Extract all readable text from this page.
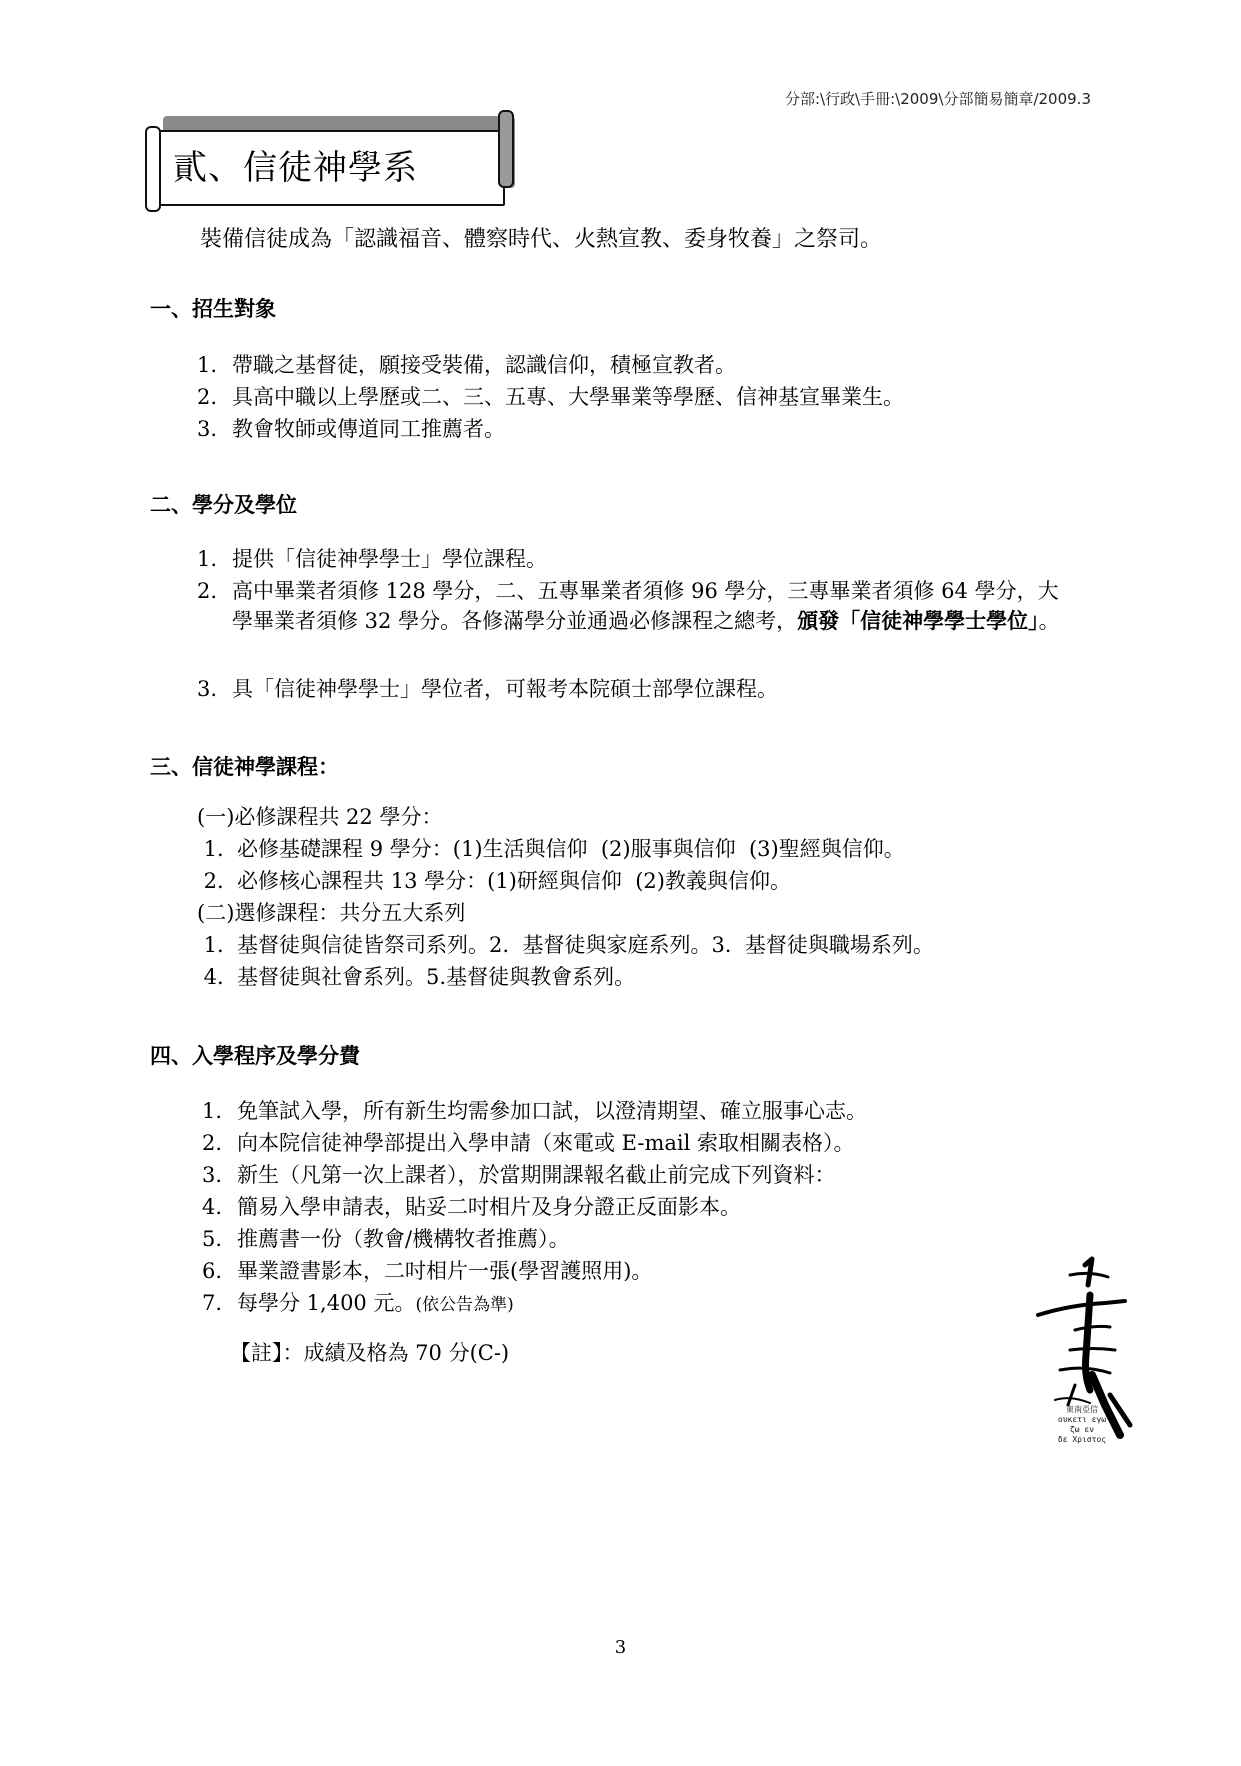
分部:\行政\手冊:\2009\分部簡易簡章/2009.3
貳、信徒神學系
裝備信徒成為「認識福音、體察時代、火熱宣教、委身牧養」之祭司。
一、招生對象
1. 帶職之基督徒，願接受裝備，認識信仰，積極宣教者。
2. 具高中職以上學歷或二、三、五專、大學畢業等學歷、信神基宣畢業生。
3. 教會牧師或傳道同工推薦者。
二、學分及學位
1. 提供「信徒神學學士」學位課程。
2. 高中畢業者須修 128 學分，二、五專畢業者須修 96 學分，三專畢業者須修 64 學分，大學畢業者須修 32 學分。各修滿學分並通過必修課程之總考，頒發「信徒神學學士學位」。
3. 具「信徒神學學士」學位者，可報考本院碩士部學位課程。
三、信徒神學課程：
(一)必修課程共 22 學分：
1.  必修基礎課程 9 學分：(1)生活與信仰  (2)服事與信仰  (3)聖經與信仰。
2.  必修核心課程共 13 學分：(1)研經與信仰  (2)教義與信仰。
(二)選修課程：共分五大系列
1.  基督徒與信徒皆祭司系列。2.  基督徒與家庭系列。3.  基督徒與職場系列。
4.  基督徒與社會系列。5.基督徒與教會系列。
四、入學程序及學分費
1. 免筆試入學，所有新生均需參加口試，以澄清期望、確立服事心志。
2. 向本院信徒神學部提出入學申請（來電或 E-mail 索取相關表格）。
3. 新生（凡第一次上課者），於當期開課報名截止前完成下列資料：
4. 簡易入學申請表，貼妥二吋相片及身分證正反面影本。
5. 推薦書一份（教會/機構牧者推薦）。
6. 畢業證書影本，二吋相片一張(學習護照用)。
7. 每學分 1,400 元。(依公告為準)
【註】：成績及格為 70 分(C-)
東南亞信
ουκετι εγω
ζω εν
δε Χριστος
3
